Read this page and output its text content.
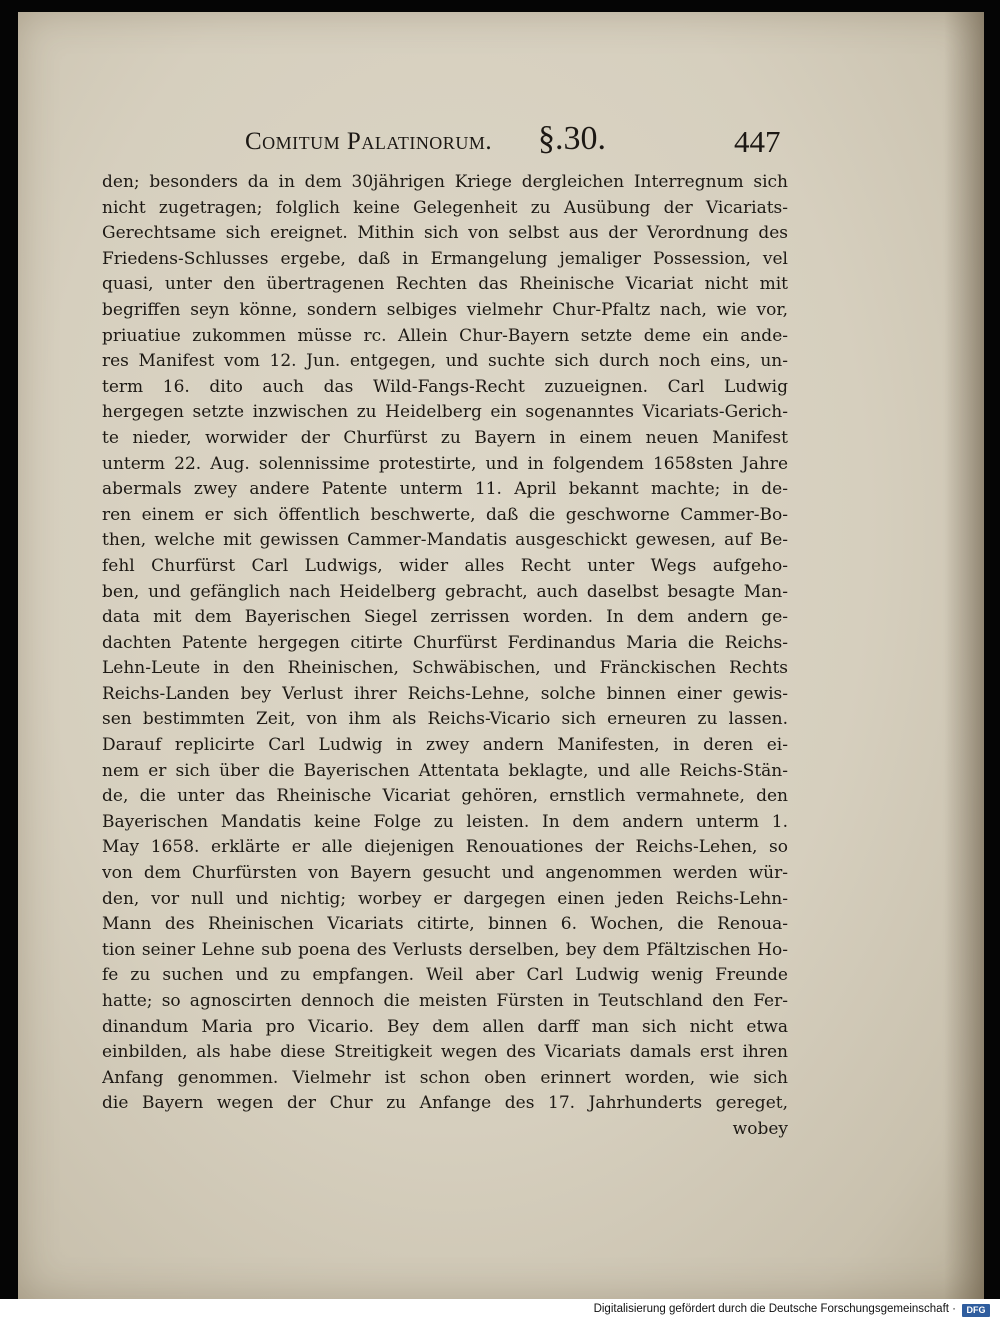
Comitum Palatinorum. §.30.	447
den; besonders da in dem 30jährigen Kriege dergleichen Interregnum sich
nicht zugetragen; folglich keine Gelegenheit zu Ausübung der Vicariats-
Gerechtsame sich ereignet. Mithin sich von selbst aus der Verordnung des
Friedens-Schlusses ergebe, daß in Ermangelung jemaliger Possession, vel
quasi, unter den übertragenen Rechten das Rheinische Vicariat nicht mit
begriffen seyn könne, sondern selbiges vielmehr Chur-Pfaltz nach, wie vor,
priuatiue zukommen müsse rc. Allein Chur-Bayern setzte deme ein ande-
res Manifest vom 12. Jun. entgegen, und suchte sich durch noch eins, un-
term 16. dito auch das Wild-Fangs-Recht zuzueignen. Carl Ludwig
hergegen setzte inzwischen zu Heidelberg ein sogenanntes Vicariats-Gerich-
te nieder, worwider der Churfürst zu Bayern in einem neuen Manifest
unterm 22. Aug. solennissime protestirte, und in folgendem 1658sten Jahre
abermals zwey andere Patente unterm 11. April bekannt machte; in de-
ren einem er sich öffentlich beschwerte, daß die geschworne Cammer-Bo-
then, welche mit gewissen Cammer-Mandatis ausgeschickt gewesen, auf Be-
fehl Churfürst Carl Ludwigs, wider alles Recht unter Wegs aufgeho-
ben, und gefänglich nach Heidelberg gebracht, auch daselbst besagte Man-
data mit dem Bayerischen Siegel zerrissen worden. In dem andern ge-
dachten Patente hergegen citirte Churfürst Ferdinandus Maria die Reichs-
Lehn-Leute in den Rheinischen, Schwäbischen, und Fränckischen Rechts
Reichs-Landen bey Verlust ihrer Reichs-Lehne, solche binnen einer gewis-
sen bestimmten Zeit, von ihm als Reichs-Vicario sich erneuren zu lassen.
Darauf replicirte Carl Ludwig in zwey andern Manifesten, in deren ei-
nem er sich über die Bayerischen Attentata beklagte, und alle Reichs-Stän-
de, die unter das Rheinische Vicariat gehören, ernstlich vermahnete, den
Bayerischen Mandatis keine Folge zu leisten. In dem andern unterm 1.
May 1658. erklärte er alle diejenigen Renouationes der Reichs-Lehen, so
von dem Churfürsten von Bayern gesucht und angenommen werden wür-
den, vor null und nichtig; worbey er dargegen einen jeden Reichs-Lehn-
Mann des Rheinischen Vicariats citirte, binnen 6. Wochen, die Renoua-
tion seiner Lehne sub poena des Verlusts derselben, bey dem Pfältzischen Ho-
fe zu suchen und zu empfangen. Weil aber Carl Ludwig wenig Freunde
hatte; so agnoscirten dennoch die meisten Fürsten in Teutschland den Fer-
dinandum Maria pro Vicario. Bey dem allen darff man sich nicht etwa
einbilden, als habe diese Streitigkeit wegen des Vicariats damals erst ihren
Anfang genommen. Vielmehr ist schon oben erinnert worden, wie sich
die Bayern wegen der Chur zu Anfange des 17. Jahrhunderts gereget,
wobey
Digitalisierung gefördert durch die Deutsche Forschungsgemeinschaft ·	DFG
